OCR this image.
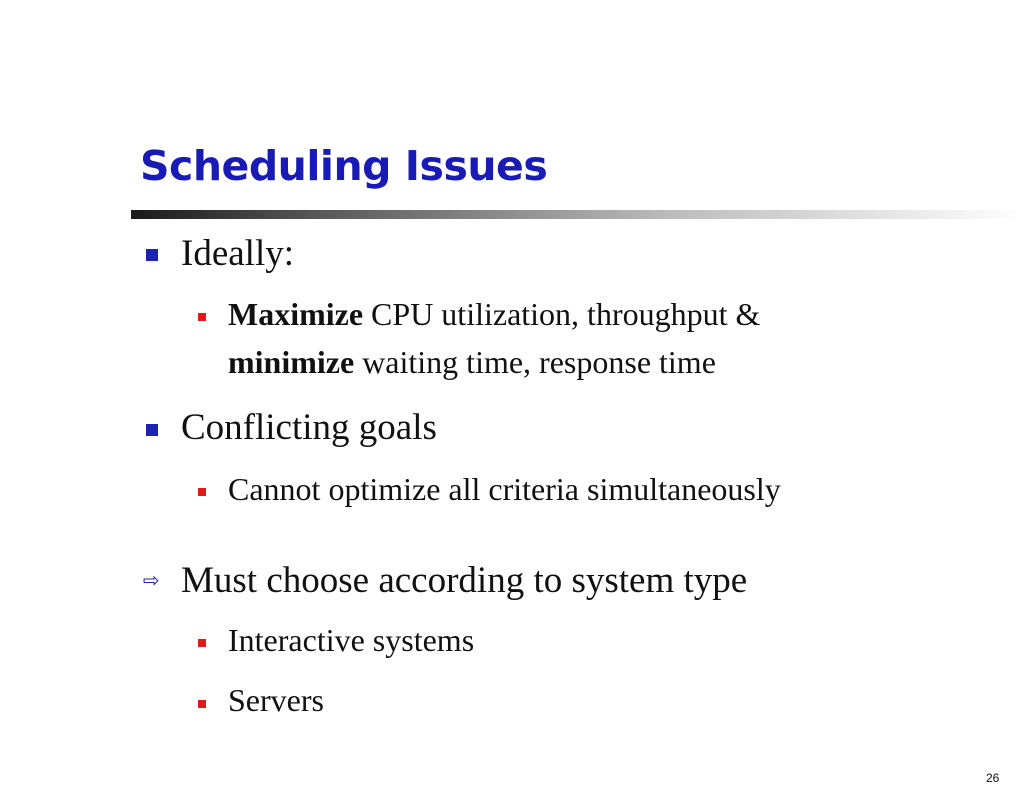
Scheduling Issues
Ideally:
Maximize CPU utilization, throughput &
minimize waiting time, response time
Conflicting goals
Cannot optimize all criteria simultaneously
⇨ Must choose according to system type
Interactive systems
Servers
26
